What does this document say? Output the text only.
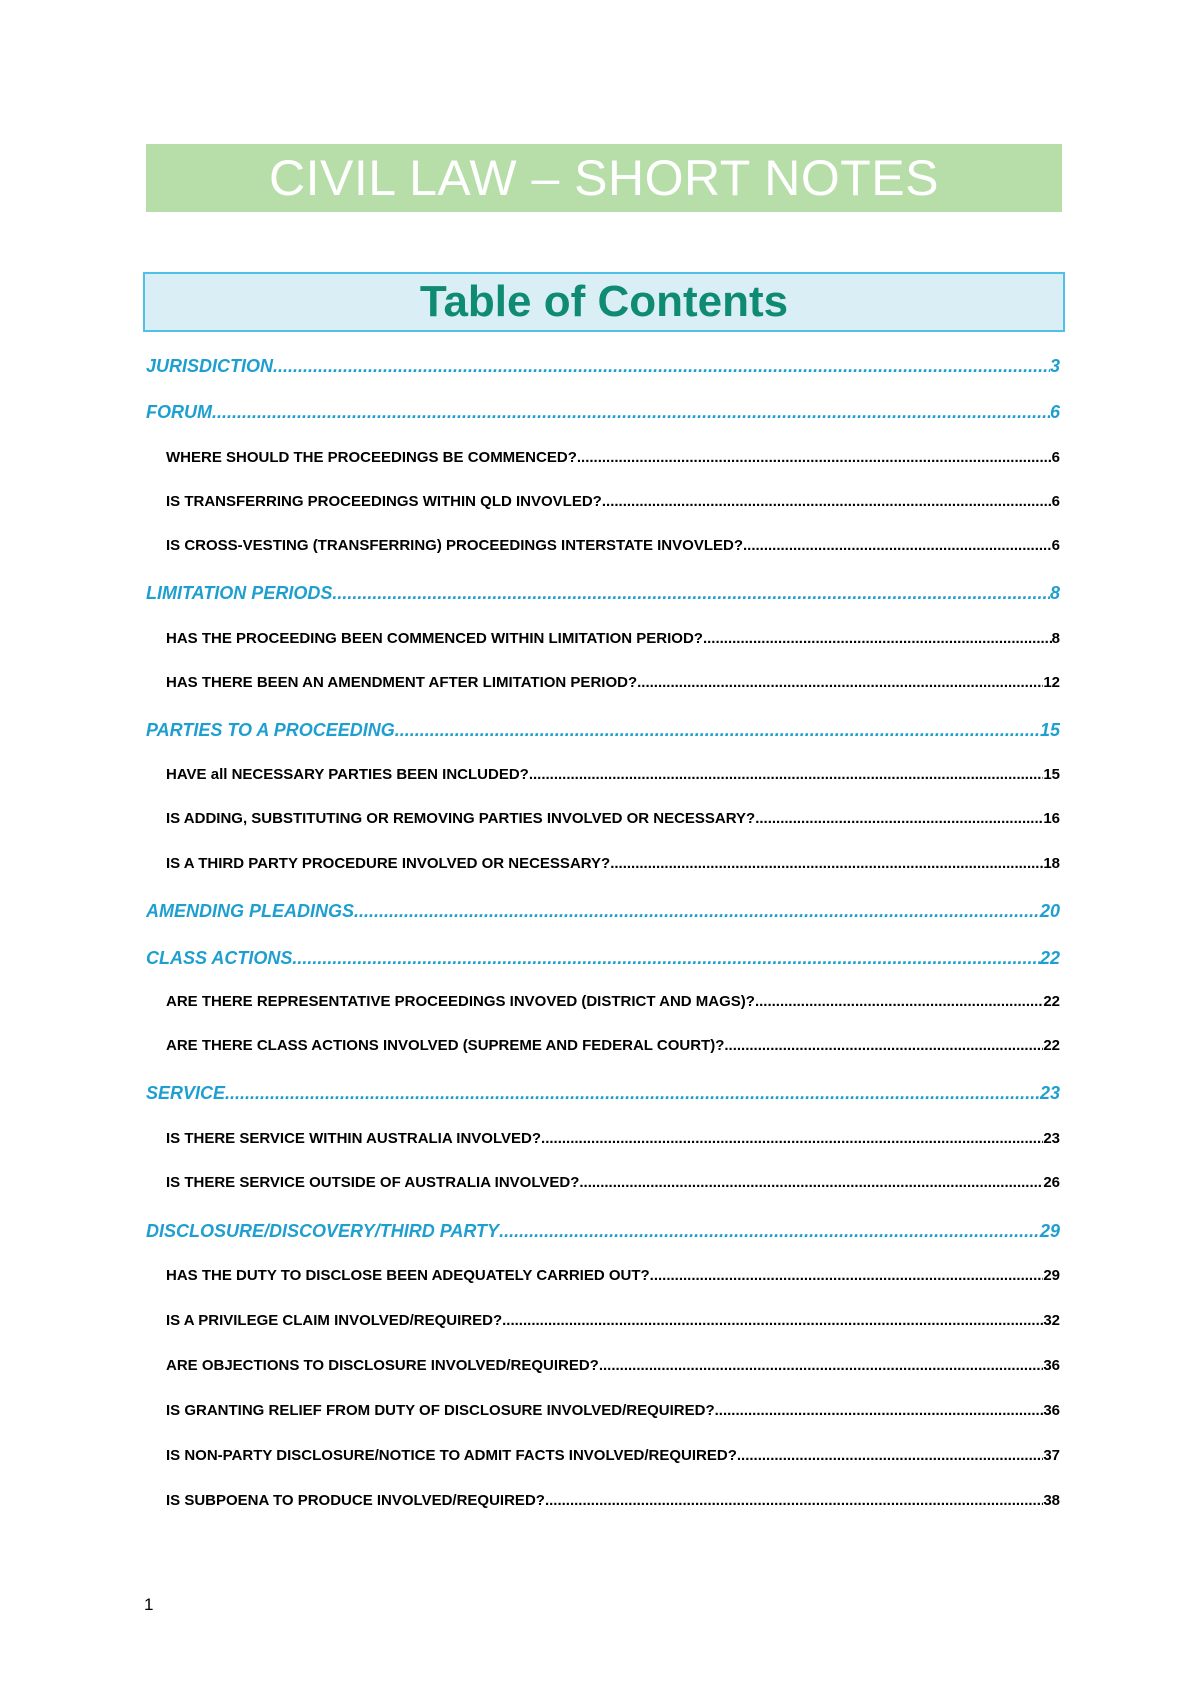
CIVIL LAW – SHORT NOTES
Table of Contents
JURISDICTION .....	3
FORUM .....	6
WHERE SHOULD THE PROCEEDINGS BE COMMENCED? .....	6
IS TRANSFERRING PROCEEDINGS WITHIN QLD INVOVLED? .....	6
IS CROSS-VESTING (TRANSFERRING) PROCEEDINGS INTERSTATE INVOVLED? .....	6
LIMITATION PERIODS .....	8
HAS THE PROCEEDING BEEN COMMENCED WITHIN LIMITATION PERIOD? .....	8
HAS THERE BEEN AN AMENDMENT AFTER LIMITATION PERIOD? .....	12
PARTIES TO A PROCEEDING .....	15
HAVE all NECESSARY PARTIES BEEN INCLUDED? .....	15
IS ADDING, SUBSTITUTING OR REMOVING PARTIES INVOLVED OR NECESSARY? .....	16
IS A THIRD PARTY PROCEDURE INVOLVED OR NECESSARY? .....	18
AMENDING PLEADINGS .....	20
CLASS ACTIONS .....	22
ARE THERE REPRESENTATIVE PROCEEDINGS INVOVED (DISTRICT AND MAGS)? .....	22
ARE THERE CLASS ACTIONS INVOLVED (SUPREME AND FEDERAL COURT)? .....	22
SERVICE .....	23
IS THERE SERVICE WITHIN AUSTRALIA INVOLVED? .....	23
IS THERE SERVICE OUTSIDE OF AUSTRALIA INVOLVED? .....	26
DISCLOSURE/DISCOVERY/THIRD PARTY .....	29
HAS THE DUTY TO DISCLOSE BEEN ADEQUATELY CARRIED OUT? .....	29
IS A PRIVILEGE CLAIM INVOLVED/REQUIRED? .....	32
ARE OBJECTIONS TO DISCLOSURE INVOLVED/REQUIRED? .....	36
IS GRANTING RELIEF FROM DUTY OF DISCLOSURE INVOLVED/REQUIRED? .....	36
IS NON-PARTY DISCLOSURE/NOTICE TO ADMIT FACTS INVOLVED/REQUIRED? .....	37
IS SUBPOENA TO PRODUCE INVOLVED/REQUIRED? .....	38
1
